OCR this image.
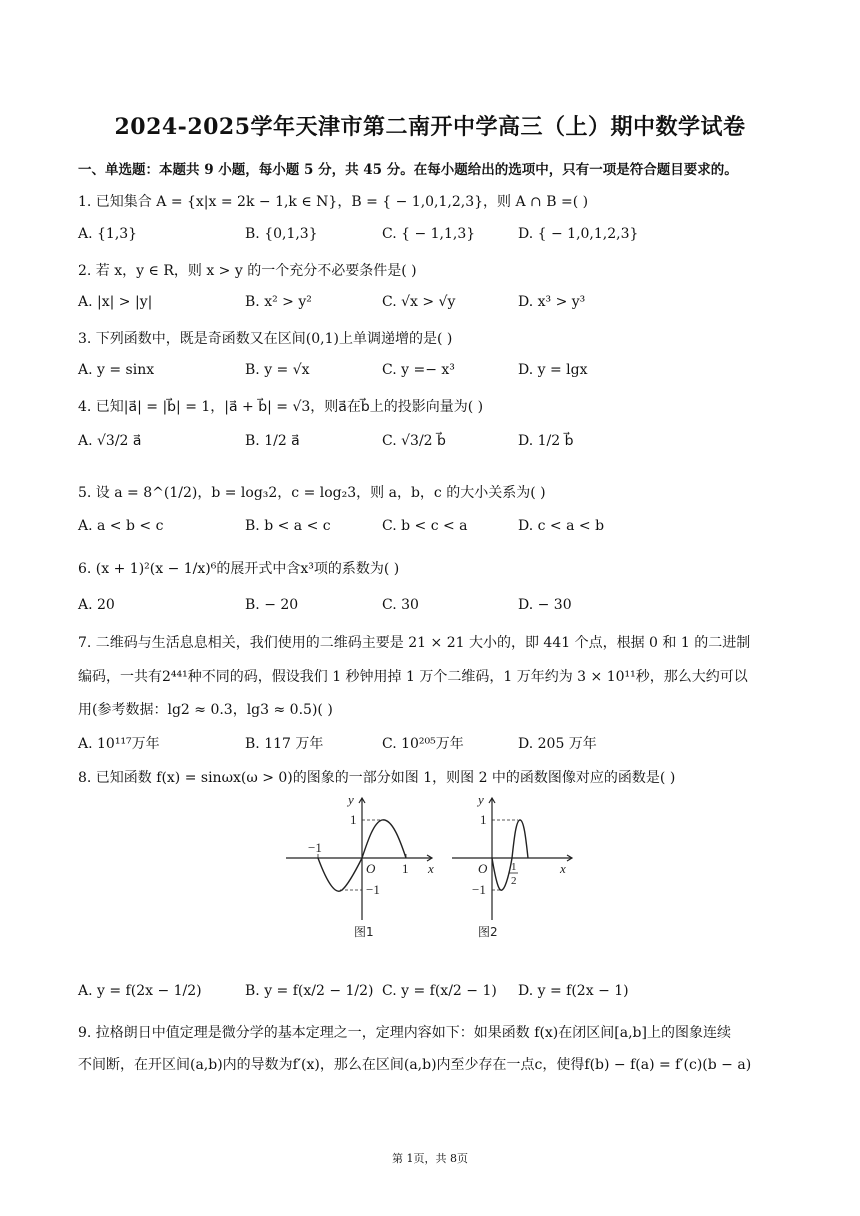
2024-2025学年天津市第二南开中学高三（上）期中数学试卷
一、单选题：本题共 9 小题，每小题 5 分，共 45 分。在每小题给出的选项中，只有一项是符合题目要求的。
1. 已知集合 A = {x|x = 2k − 1,k ∈ N}，B = { − 1,0,1,2,3}，则 A ∩ B =( )
A. {1,3}	B. {0,1,3}	C. { − 1,1,3}	D. { − 1,0,1,2,3}
2. 若 x，y ∈ R，则 x > y 的一个充分不必要条件是( )
A. |x| > |y|	B. x² > y²	C. √x > √y	D. x³ > y³
3. 下列函数中，既是奇函数又在区间(0,1)上单调递增的是( )
A. y = sinx	B. y = √x	C. y =− x³	D. y = lgx
4. 已知|a⃗| = |b⃗| = 1，|a⃗ + b⃗| = √3，则a⃗在b⃗上的投影向量为( )
A. √3/2 a⃗	B. 1/2 a⃗	C. √3/2 b⃗	D. 1/2 b⃗
5. 设 a = 8^(1/2)，b = log₃2，c = log₂3，则 a，b，c 的大小关系为( )
A. a < b < c	B. b < a < c	C. b < c < a	D. c < a < b
6. (x + 1)²(x − 1/x)⁶的展开式中含x³项的系数为( )
A. 20	B. − 20	C. 30	D. − 30
7. 二维码与生活息息相关，我们使用的二维码主要是 21 × 21 大小的，即 441 个点，根据 0 和 1 的二进制
编码，一共有2⁴⁴¹种不同的码，假设我们 1 秒钟用掉 1 万个二维码，1 万年约为 3 × 10¹¹秒，那么大约可以
用(参考数据：lg2 ≈ 0.3，lg3 ≈ 0.5)( )
A. 10¹¹⁷万年	B. 117 万年	C. 10²⁰⁵万年	D. 205 万年
8. 已知函数 f(x) = sinωx(ω > 0)的图象的一部分如图 1，则图 2 中的函数图像对应的函数是( )
y
1
−1
O 1 x
−1
图1
y
1
O 1
2
x
−1
图2
A. y = f(2x − 1/2)	B. y = f(x/2 − 1/2) C. y = f(x/2 − 1) D. y = f(2x − 1)
9. 拉格朗日中值定理是微分学的基本定理之一，定理内容如下：如果函数 f(x)在闭区间[a,b]上的图象连续
不间断，在开区间(a,b)内的导数为f′(x)，那么在区间(a,b)内至少存在一点c，使得f(b) − f(a) = f′(c)(b − a)
第 1页，共 8页
